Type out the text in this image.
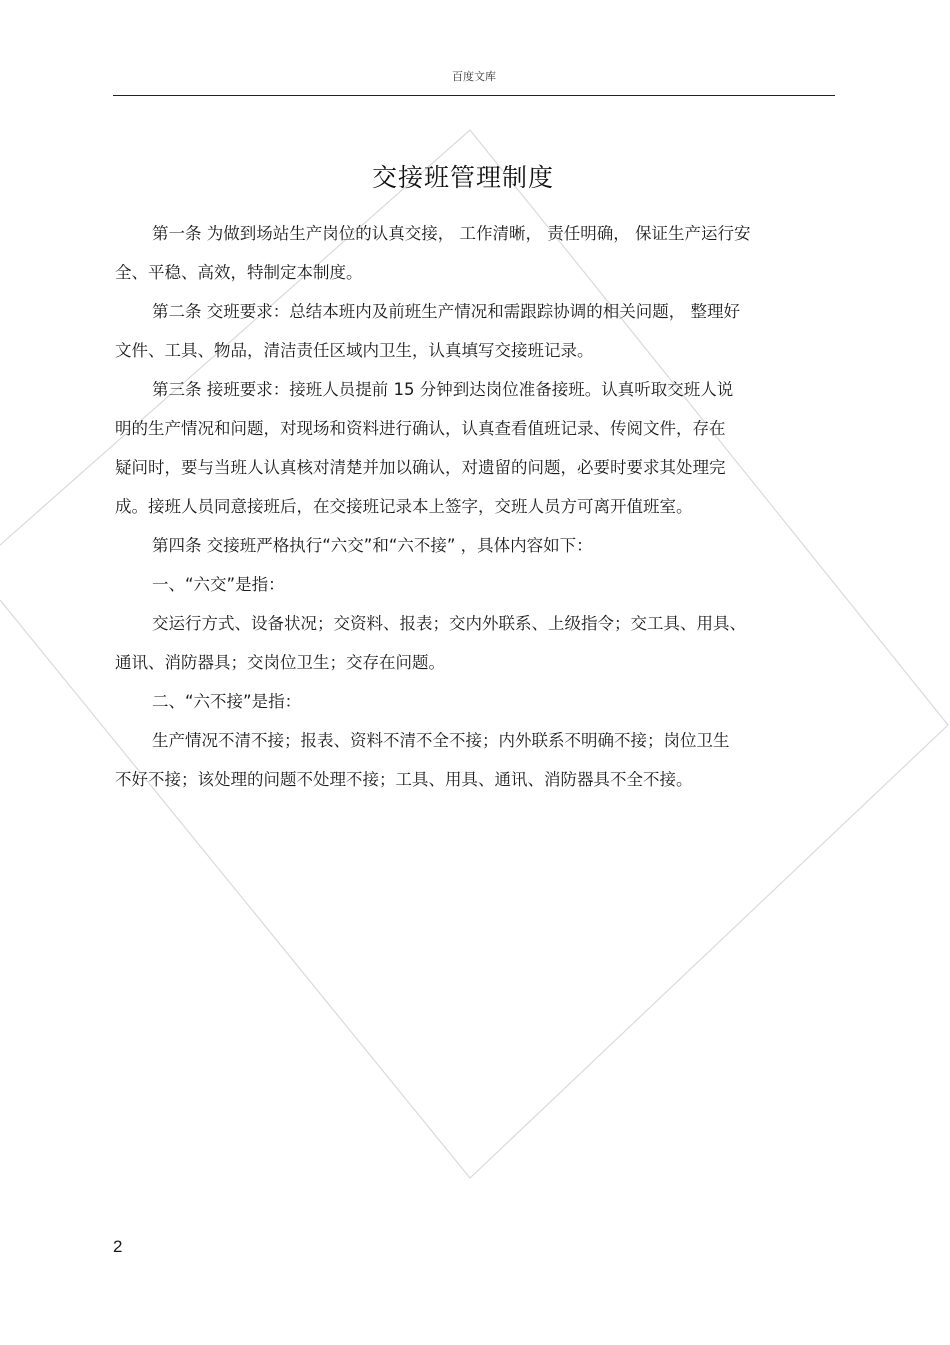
百度文库
交接班管理制度
第一条 为做到场站生产岗位的认真交接， 工作清晰， 责任明确， 保证生产运行安
全、平稳、高效，特制定本制度。
第二条 交班要求：总结本班内及前班生产情况和需跟踪协调的相关问题， 整理好
文件、工具、物品，清洁责任区域内卫生，认真填写交接班记录。
第三条 接班要求：接班人员提前 15 分钟到达岗位准备接班。认真听取交班人说
明的生产情况和问题，对现场和资料进行确认，认真查看值班记录、传阅文件，存在
疑问时，要与当班人认真核对清楚并加以确认，对遗留的问题，必要时要求其处理完
成。接班人员同意接班后，在交接班记录本上签字，交班人员方可离开值班室。
第四条 交接班严格执行“六交”和“六不接” ，具体内容如下：
一、“六交”是指：
交运行方式、设备状况；交资料、报表；交内外联系、上级指令；交工具、用具、
通讯、消防器具；交岗位卫生；交存在问题。
二、“六不接”是指：
生产情况不清不接；报表、资料不清不全不接；内外联系不明确不接；岗位卫生
不好不接；该处理的问题不处理不接；工具、用具、通讯、消防器具不全不接。
2
